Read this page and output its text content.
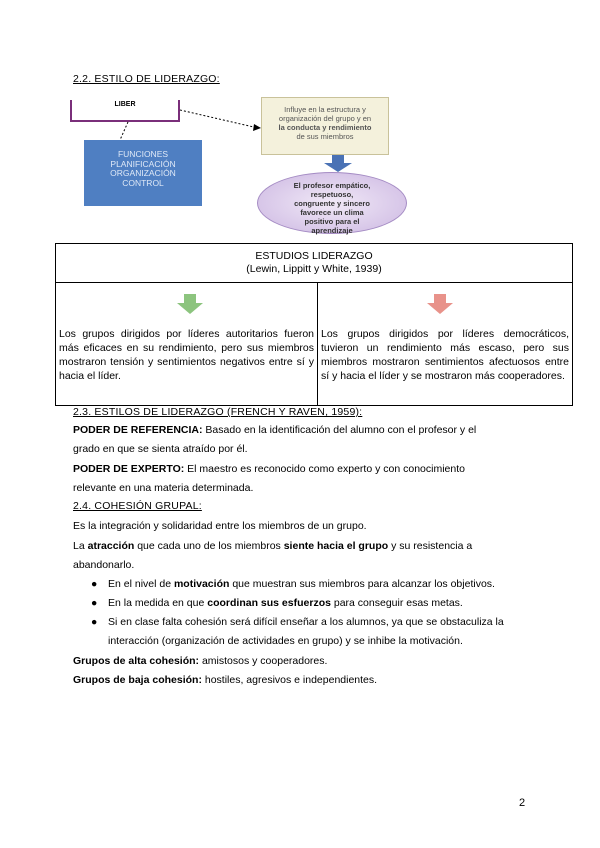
2.2. ESTILO DE LIDERAZGO:
LIBER
FUNCIONES
PLANIFICACIÓN
ORGANIZACIÓN
CONTROL
Influye en la estructura y
organización del grupo y en
la conducta y rendimiento
de sus miembros
El profesor empático,
respetuoso,
congruente y sincero
favorece un clima
positivo para el
aprendizaje
ESTUDIOS LIDERAZGO
(Lewin, Lippitt y White, 1939)
Los grupos dirigidos por líderes autoritarios fueron más eficaces en su rendimiento, pero sus miembros mostraron tensión y sentimientos negativos entre sí y hacia el líder.
Los grupos dirigidos por líderes democráticos, tuvieron un rendimiento más escaso, pero sus miembros mostraron sentimientos afectuosos entre sí y hacia el líder y se mostraron más cooperadores.
2.3. ESTILOS DE LIDERAZGO (FRENCH Y RAVEN, 1959):
PODER DE REFERENCIA: Basado en la identificación del alumno con el profesor y el
grado en que se sienta atraído por él.
PODER DE EXPERTO: El maestro es reconocido como experto y con conocimiento
relevante en una materia determinada.
2.4. COHESIÓN GRUPAL:
Es la integración y solidaridad entre los miembros de un grupo.
La atracción que cada uno de los miembros siente hacia el grupo y su resistencia a
abandonarlo.
● En el nivel de motivación que muestran sus miembros para alcanzar los objetivos.
● En la medida en que coordinan sus esfuerzos para conseguir esas metas.
● Si en clase falta cohesión será difícil enseñar a los alumnos, ya que se obstaculiza la
interacción (organización de actividades en grupo) y se inhibe la motivación.
Grupos de alta cohesión: amistosos y cooperadores.
Grupos de baja cohesión: hostiles, agresivos e independientes.
2
